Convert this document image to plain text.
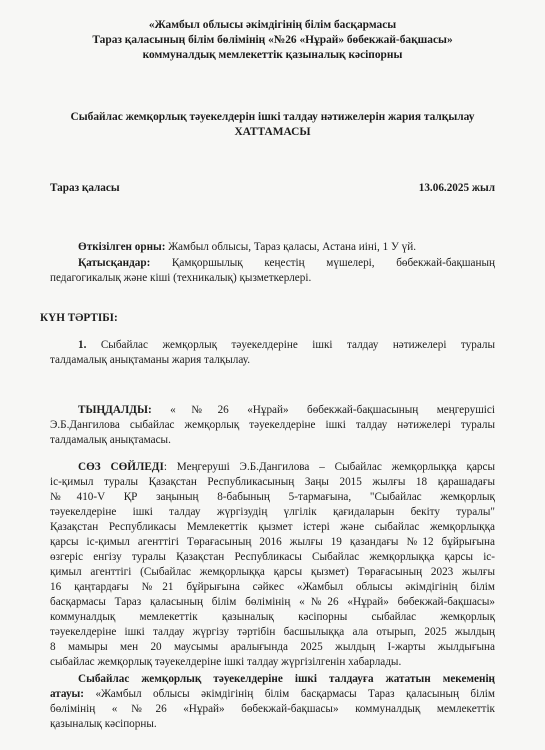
«Жамбыл облысы әкімдігінің білім басқармасы
Тараз қаласының білім бөлімінің «№26 «Нұрай» бөбекжай-бақшасы»
коммуналдық мемлекеттік қазыналық кәсіпорны
Сыбайлас жемқорлық тәуекелдерін ішкі талдау нәтижелерін жария талқылау
ХАТТАМАСЫ
Тараз қаласы	13.06.2025 жыл
Өткізілген орны: Жамбыл облысы, Тараз қаласы, Астана иіні, 1 У үй.
Қатысқандар: Қамқоршылық кеңестің мүшелері, бөбекжай-бақшаның
педагогикалық және кіші (техникалық) қызметкерлері.
КҮН ТӘРТІБІ:
1. Сыбайлас жемқорлық тәуекелдеріне ішкі талдау нәтижелері туралы
талдамалық анықтаманы жария талқылау.
ТЫҢДАЛДЫ: «№26 «Нұрай» бөбекжай-бақшасының меңгерушісі
Э.Б.Дангилова сыбайлас жемқорлық тәуекелдеріне ішкі талдау нәтижелері туралы
талдамалық анықтамасы.
СӨЗ СӨЙЛЕДІ: Меңгеруші Э.Б.Дангилова – Сыбайлас жемқорлыққа қарсы
іс-қимыл туралы Қазақстан Республикасының Заңы 2015 жылғы 18 қарашадағы
№410-V ҚР заңының 8-бабының 5-тармағына, "Сыбайлас жемқорлық
тәуекелдеріне ішкі талдау жүргізудің үлгілік қағидаларын бекіту туралы"
Қазақстан Республикасы Мемлекеттік қызмет істері және сыбайлас жемқорлыққа
қарсы іс-қимыл агенттігі Төрағасының 2016 жылғы 19 қазандағы №12 бұйрығына
өзгеріс енгізу туралы Қазақстан Республикасы Сыбайлас жемқорлыққа қарсы іс-
қимыл агенттігі (Сыбайлас жемқорлыққа қарсы қызмет) Төрағасының 2023 жылғы
16 қаңтардағы №21 бұйрығына сәйкес «Жамбыл облысы әкімдігінің білім
басқармасы Тараз қаласының білім бөлімінің «№26 «Нұрай» бөбекжай-бақшасы»
коммуналдық мемлекеттік қазыналық кәсіпорны сыбайлас жемқорлық
тәуекелдеріне ішкі талдау жүргізу тәртібін басшылыққа ала отырып, 2025 жылдың
8 мамыры мен 20 маусымы аралығында 2025 жылдың І-жарты жылдығына
сыбайлас жемқорлық тәуекелдеріне ішкі талдау жүргізілгенін хабарлады.
Сыбайлас жемқорлық тәуекелдеріне ішкі талдауға жататын мекеменің
атауы: «Жамбыл облысы әкімдігінің білім басқармасы Тараз қаласының білім
бөлімінің «№26 «Нұрай» бөбекжай-бақшасы» коммуналдық мемлекеттік
қазыналық кәсіпорны.
